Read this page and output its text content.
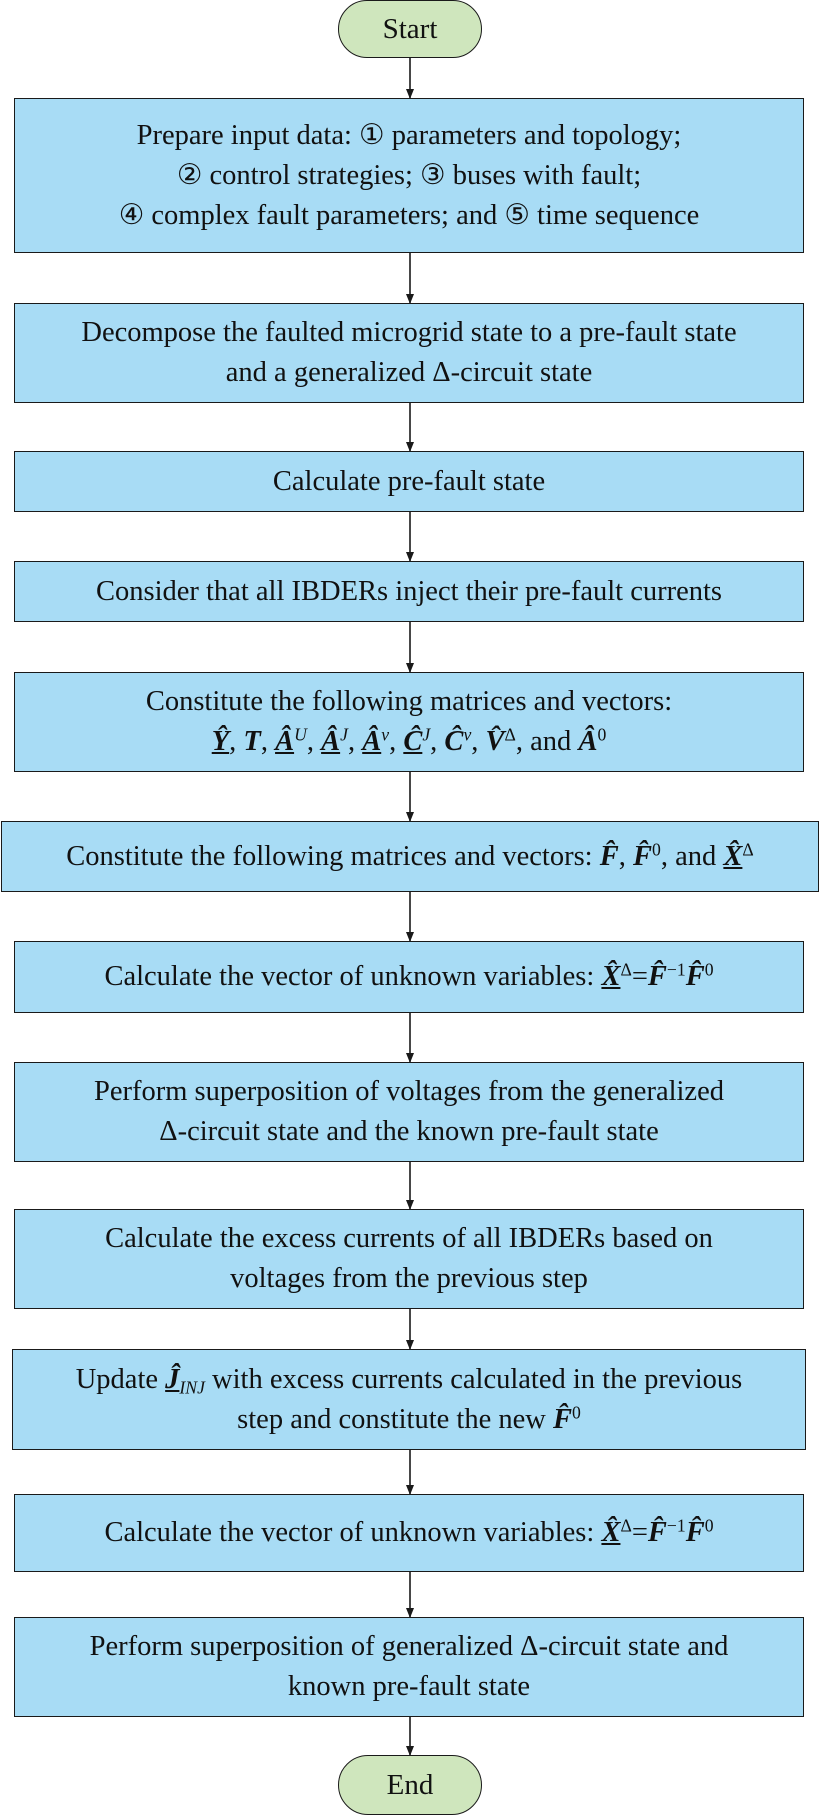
Start
Prepare input data: ① parameters and topology;
② control strategies; ③ buses with fault;
④ complex fault parameters; and ⑤ time sequence
Decompose the faulted microgrid state to a pre-fault state
and a generalized Δ-circuit state
Calculate pre-fault state
Consider that all IBDERs inject their pre-fault currents
Constitute the following matrices and vectors:
Ŷ, T, $Â^U$, $Â^J$, $Â^v$, $Ĉ^J$, $Ĉ^v$, V̂$^\Delta$, and $Â^0$
Constitute the following matrices and vectors: F̂, F̂$^0$, and X̂$^\Delta$
Calculate the vector of unknown variables: X̂$^\Delta$=F̂$^{-1}$F̂$^0$
Perform superposition of voltages from the generalized
Δ-circuit state and the known pre-fault state
Calculate the excess currents of all IBDERs based on
voltages from the previous step
Update $Ĵ_{INJ}$ with excess currents calculated in the previous
step and constitute the new F̂$^0$
Calculate the vector of unknown variables: X̂$^\Delta$=F̂$^{-1}$F̂$^0$
Perform superposition of generalized Δ-circuit state and
known pre-fault state
End
